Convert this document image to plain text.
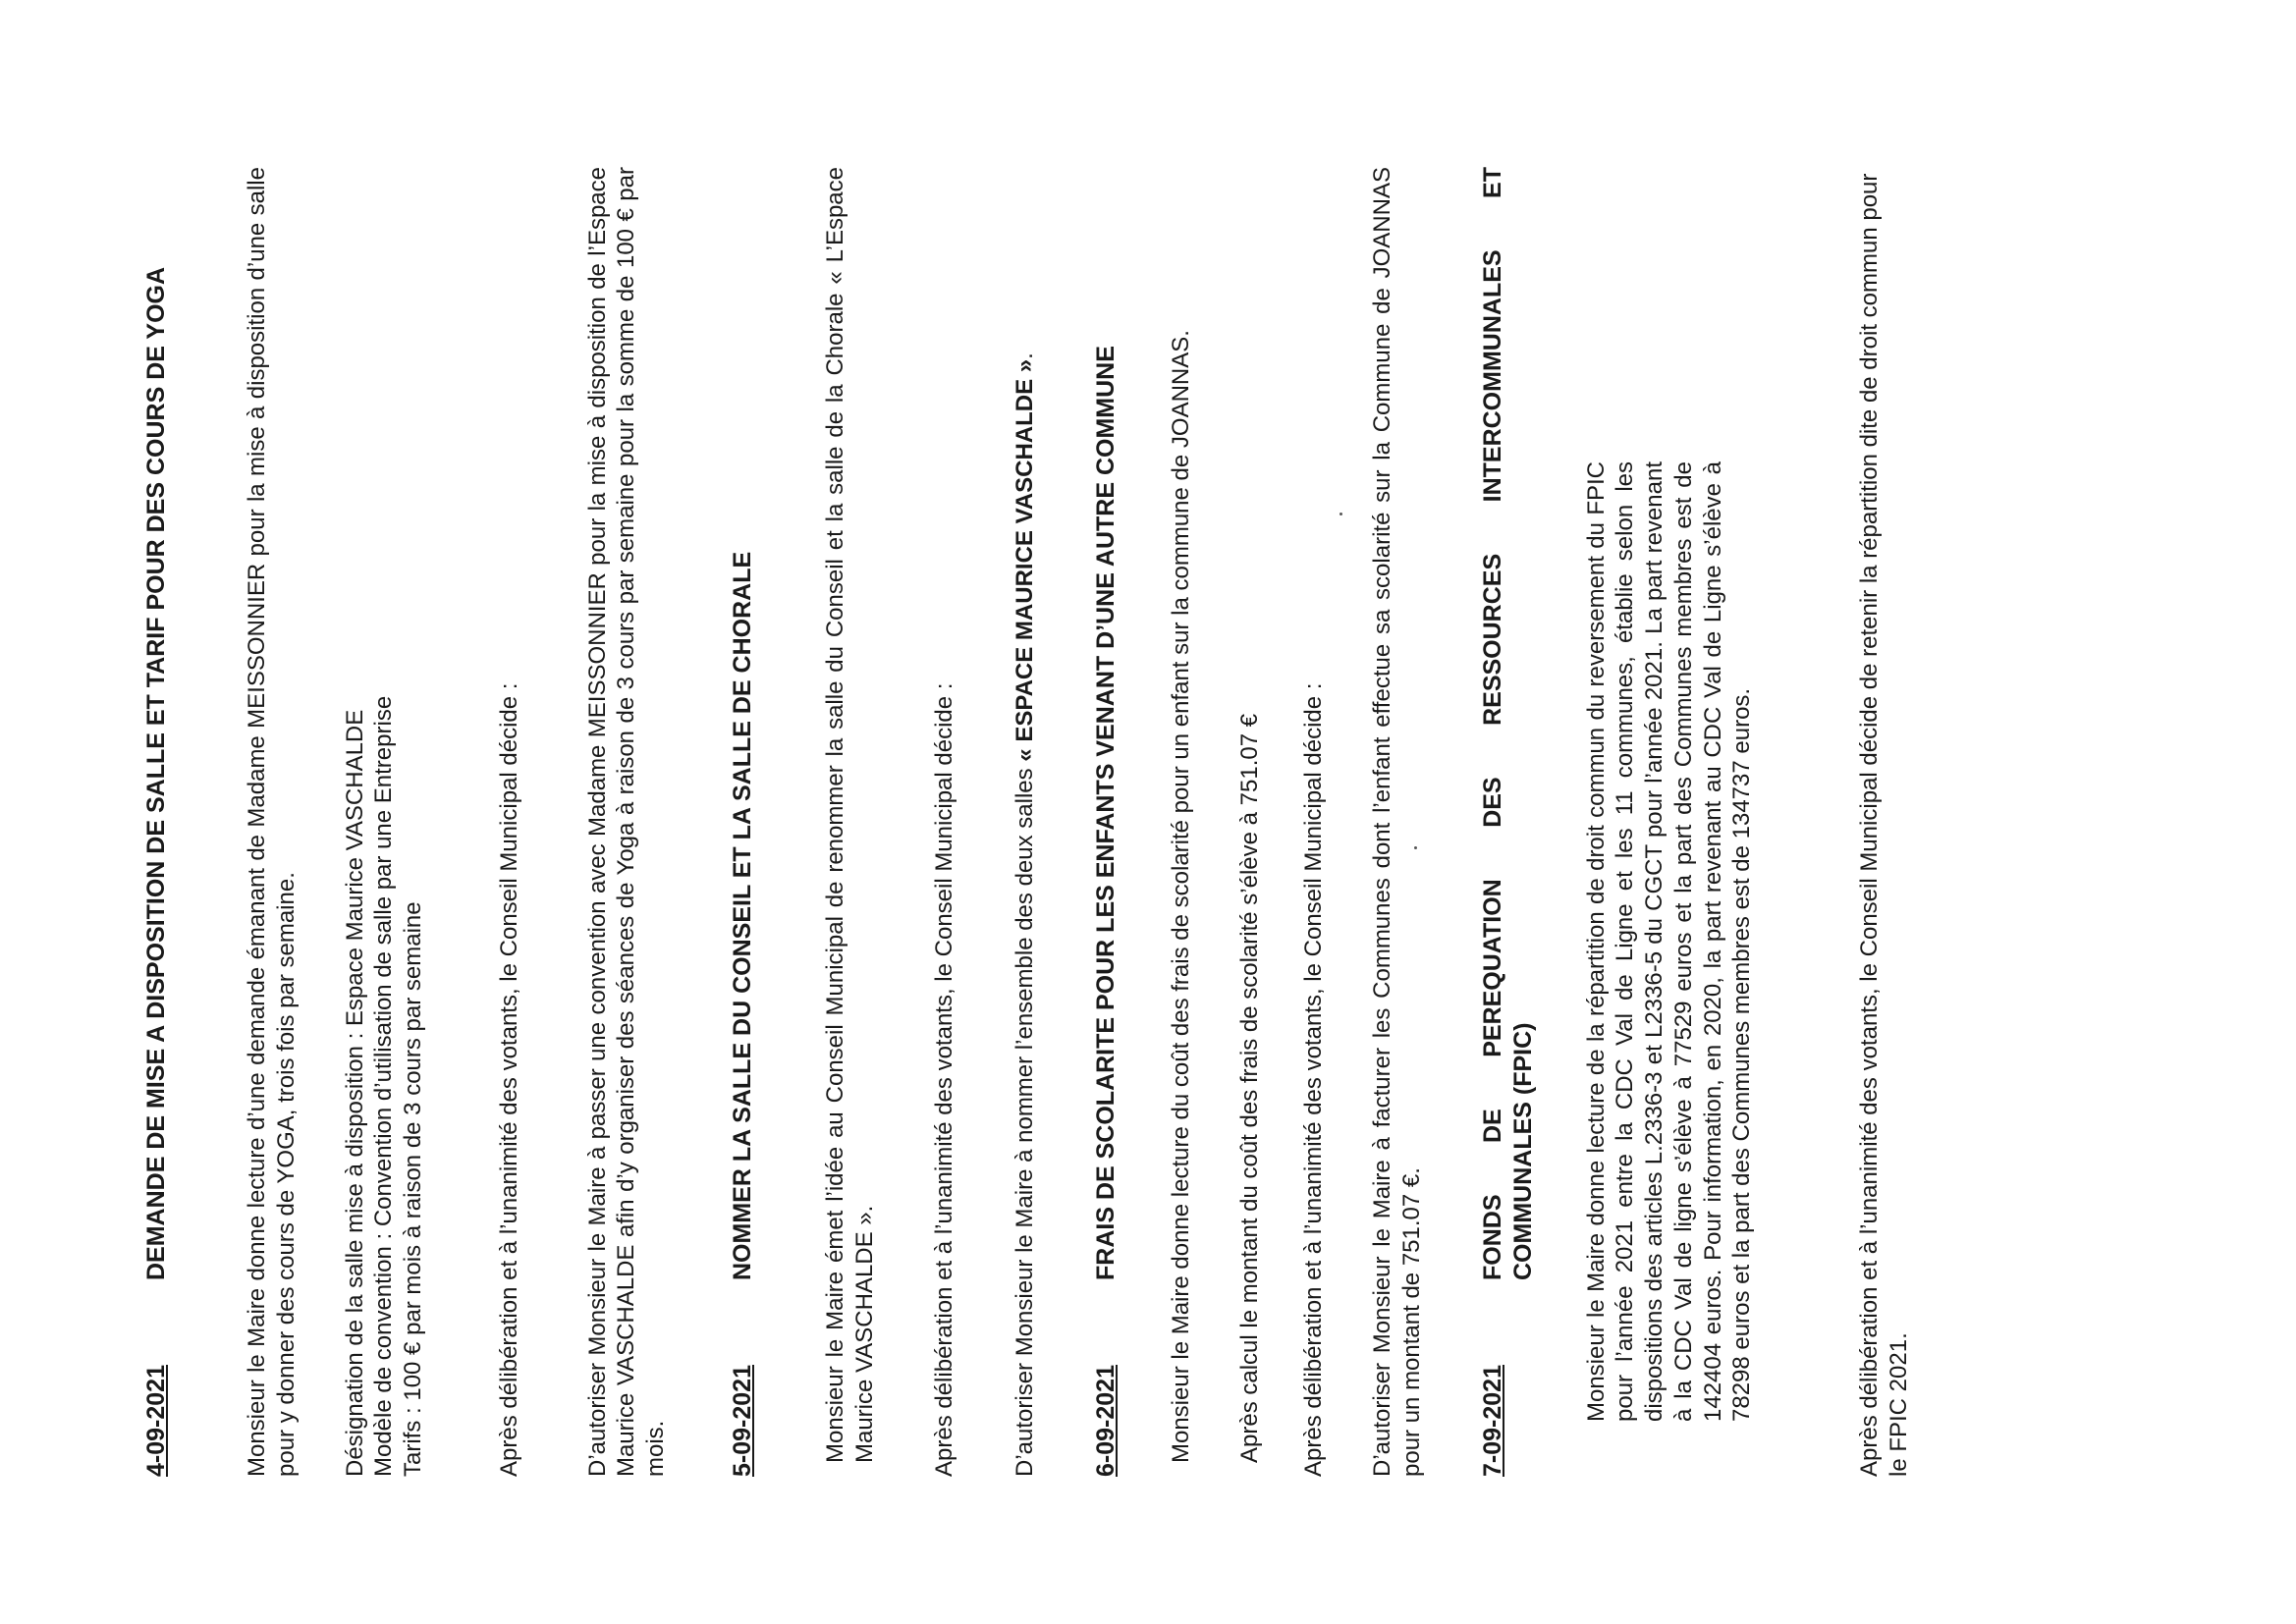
4-09-2021
DEMANDE DE MISE A DISPOSITION DE SALLE ET TARIF POUR DES COURS DE YOGA	Monsieur le Maire donne lecture d’une demande émanant de Madame MEISSONNIER pour la mise à disposition d’une salle pour y donner des cours de YOGA, trois fois par semaine. Désignation de la salle mise à disposition : Espace Maurice VASCHALDE Modèle de convention : Convention d’utilisation de salle par une Entreprise Tarifs : 100 € par mois à raison de 3 cours par semaine	Après délibération et à l’unanimité des votants, le Conseil Municipal décide :	D’autoriser Monsieur le Maire à passer une convention avec Madame MEISSONNIER pour la mise à disposition de l’Espace Maurice VASCHALDE afin d’y organiser des séances de Yoga à raison de 3 cours par semaine pour la somme de 100 € par mois. 5-09-2021
NOMMER LA SALLE DU CONSEIL ET LA SALLE DE CHORALE	Monsieur le Maire émet l’idée au Conseil Municipal de renommer la salle du Conseil et la salle de la Chorale « L’Espace Maurice VASCHALDE ». Après délibération et à l’unanimité des votants, le Conseil Municipal décide : D’autoriser Monsieur le Maire à nommer l’ensemble des deux salles « ESPACE MAURICE VASCHALDE ».

6-09-2021
FRAIS DE SCOLARITE POUR LES ENFANTS VENANT D’UNE AUTRE COMMUNE Monsieur le Maire donne lecture du coût des frais de scolarité pour un enfant sur la commune de JOANNAS. Après calcul le montant du coût des frais de scolarité s’élève à 751.07 € Après délibération et à l’unanimité des votants, le Conseil Municipal décide : D’autoriser Monsieur le Maire à facturer les Communes dont l’enfant effectue sa scolarité sur la Commune de JOANNAS pour un montant de 751.07 €. 7-09-2021
FONDS DE PEREQUATION DES RESSOURCES INTERCOMMUNALES ET COMMUNALES (FPIC) Monsieur le Maire donne lecture de la répartition de droit commun du reversement du FPIC pour l’année 2021 entre la CDC Val de Ligne et les 11 communes, établie selon les dispositions des articles L.2336-3 et L2336-5 du CGCT pour l’année 2021. La part revenant à la CDC Val de ligne s’élève à 77529 euros et la part des Communes membres est de 142404 euros. Pour information, en 2020, la part revenant au CDC Val de Ligne s’élève à 78298 euros et la part des Communes membres est de 134737 euros.	Après délibération et à l’unanimité des votants, le Conseil Municipal décide de retenir la répartition dite de droit commun pour le FPIC 2021.
